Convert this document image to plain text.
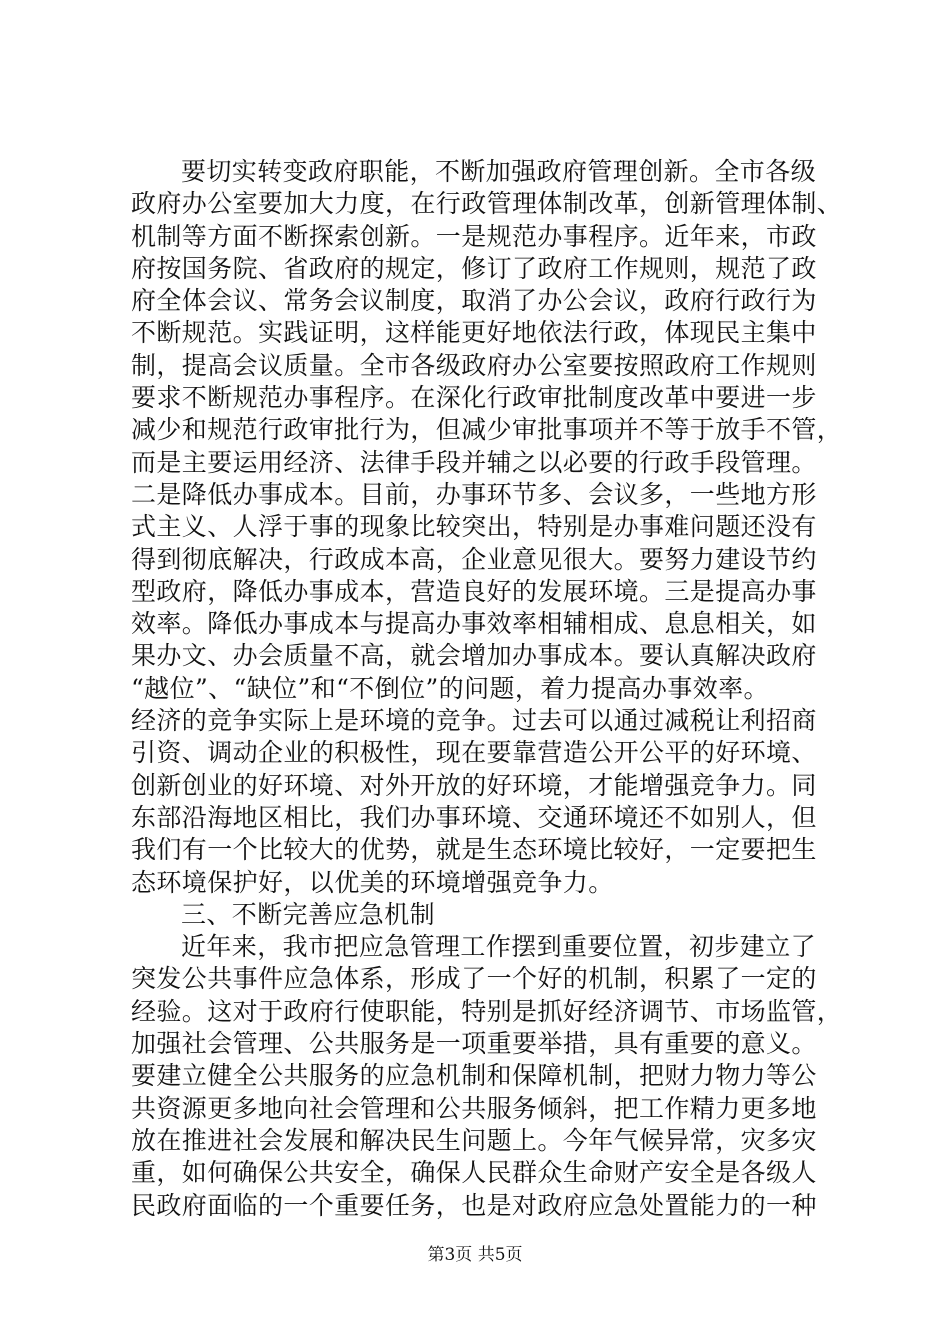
要切实转变政府职能，不断加强政府管理创新。全市各级
政府办公室要加大力度，在行政管理体制改革，创新管理体制、
机制等方面不断探索创新。一是规范办事程序。近年来，市政
府按国务院、省政府的规定，修订了政府工作规则，规范了政
府全体会议、常务会议制度，取消了办公会议，政府行政行为
不断规范。实践证明，这样能更好地依法行政，体现民主集中
制，提高会议质量。全市各级政府办公室要按照政府工作规则
要求不断规范办事程序。在深化行政审批制度改革中要进一步
减少和规范行政审批行为，但减少审批事项并不等于放手不管，
而是主要运用经济、法律手段并辅之以必要的行政手段管理。
二是降低办事成本。目前，办事环节多、会议多，一些地方形
式主义、人浮于事的现象比较突出，特别是办事难问题还没有
得到彻底解决，行政成本高，企业意见很大。要努力建设节约
型政府，降低办事成本，营造良好的发展环境。三是提高办事
效率。降低办事成本与提高办事效率相辅相成、息息相关，如
果办文、办会质量不高，就会增加办事成本。要认真解决政府
“越位”、“缺位”和“不倒位”的问题，着力提高办事效率。
经济的竞争实际上是环境的竞争。过去可以通过减税让利招商
引资、调动企业的积极性，现在要靠营造公开公平的好环境、
创新创业的好环境、对外开放的好环境，才能增强竞争力。同
东部沿海地区相比，我们办事环境、交通环境还不如别人，但
我们有一个比较大的优势，就是生态环境比较好，一定要把生
态环境保护好，以优美的环境增强竞争力。
三、不断完善应急机制
近年来，我市把应急管理工作摆到重要位置，初步建立了
突发公共事件应急体系，形成了一个好的机制，积累了一定的
经验。这对于政府行使职能，特别是抓好经济调节、市场监管，
加强社会管理、公共服务是一项重要举措，具有重要的意义。
要建立健全公共服务的应急机制和保障机制，把财力物力等公
共资源更多地向社会管理和公共服务倾斜，把工作精力更多地
放在推进社会发展和解决民生问题上。今年气候异常，灾多灾
重，如何确保公共安全，确保人民群众生命财产安全是各级人
民政府面临的一个重要任务，也是对政府应急处置能力的一种
第3页 共5页
